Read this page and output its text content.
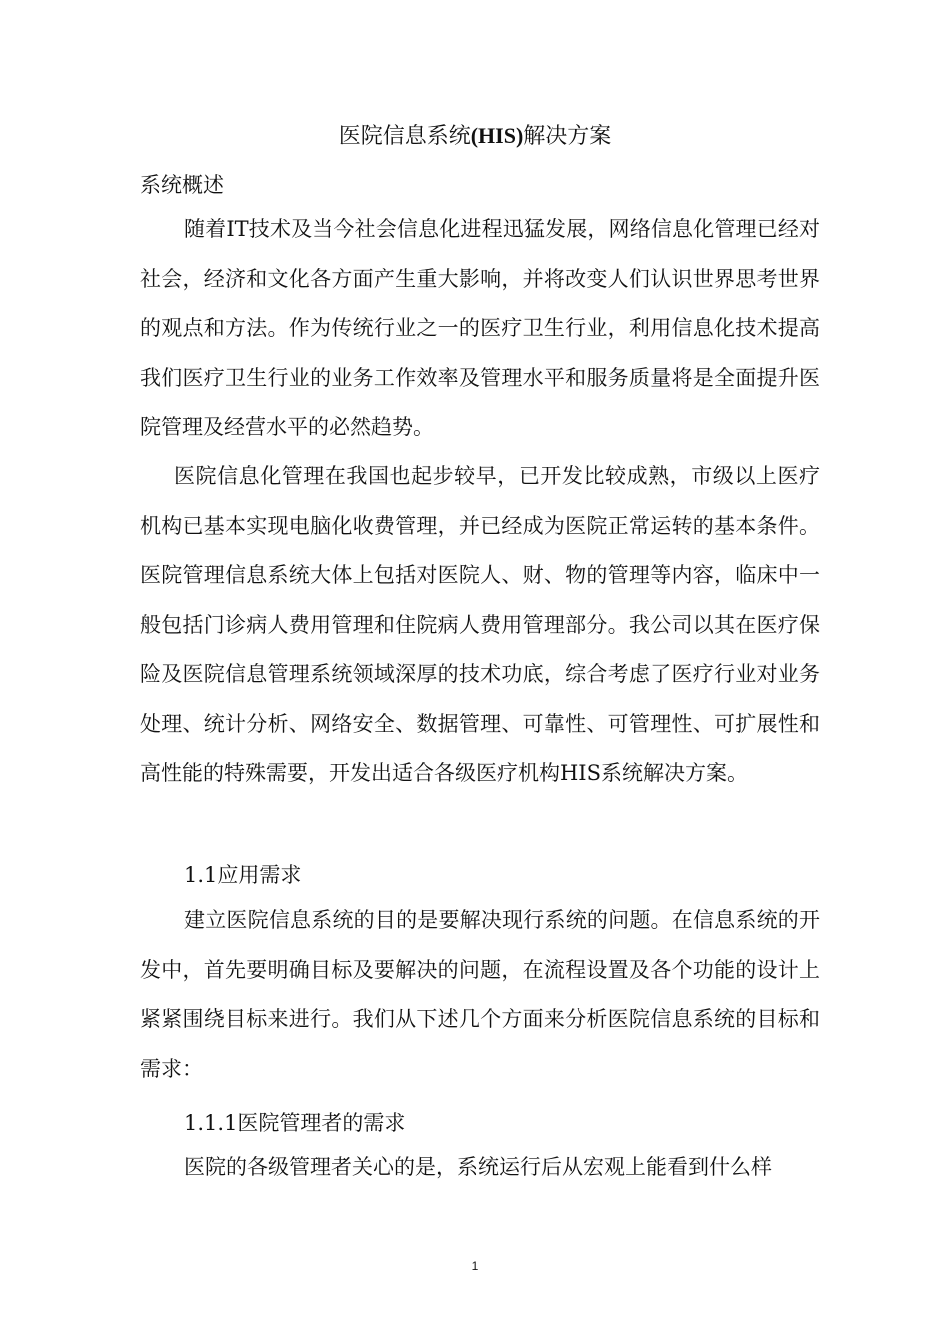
医院信息系统(HIS)解决方案
系统概述

随着IT技术及当今社会信息化进程迅猛发展，网络信息化管理已经对社会，经济和文化各方面产生重大影响，并将改变人们认识世界思考世界的观点和方法。作为传统行业之一的医疗卫生行业，利用信息化技术提高我们医疗卫生行业的业务工作效率及管理水平和服务质量将是全面提升医院管理及经营水平的必然趋势。

医院信息化管理在我国也起步较早，已开发比较成熟，市级以上医疗机构已基本实现电脑化收费管理，并已经成为医院正常运转的基本条件。医院管理信息系统大体上包括对医院人、财、物的管理等内容，临床中一般包括门诊病人费用管理和住院病人费用管理部分。我公司以其在医疗保险及医院信息管理系统领域深厚的技术功底，综合考虑了医疗行业对业务处理、统计分析、网络安全、数据管理、可靠性、可管理性、可扩展性和高性能的特殊需要，开发出适合各级医疗机构HIS系统解决方案。

1.1应用需求

建立医院信息系统的目的是要解决现行系统的问题。在信息系统的开发中，首先要明确目标及要解决的问题，在流程设置及各个功能的设计上紧紧围绕目标来进行。我们从下述几个方面来分析医院信息系统的目标和需求：

1.1.1医院管理者的需求

医院的各级管理者关心的是，系统运行后从宏观上能看到什么样

1
